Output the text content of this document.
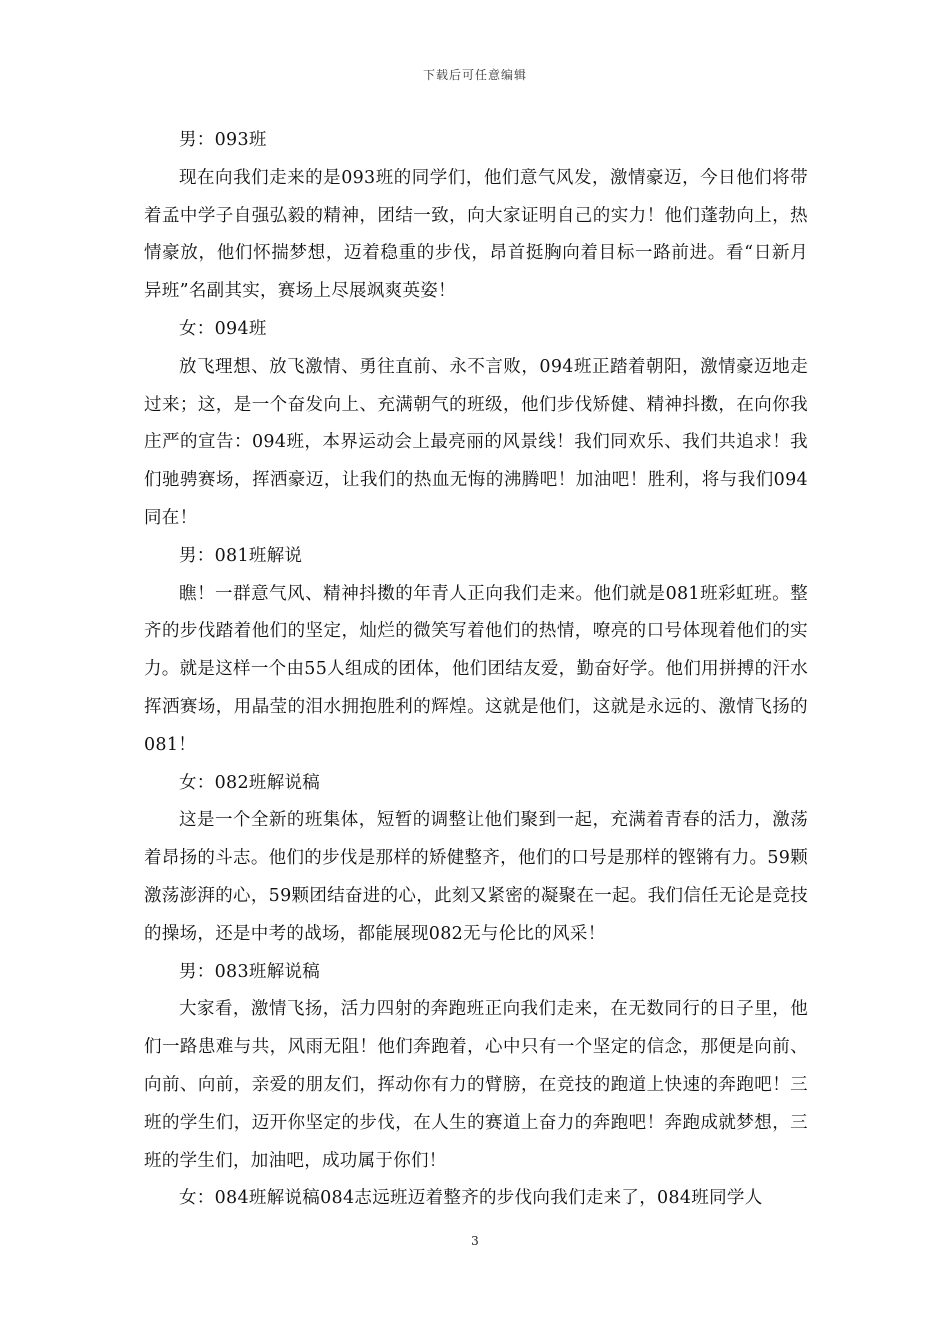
下载后可任意编辑

男：093班

现在向我们走来的是093班的同学们，他们意气风发，激情豪迈，今日他们将带着孟中学子自强弘毅的精神，团结一致，向大家证明自己的实力！他们蓬勃向上，热情豪放，他们怀揣梦想，迈着稳重的步伐，昂首挺胸向着目标一路前进。看“日新月异班”名副其实，赛场上尽展飒爽英姿！

女：094班

放飞理想、放飞激情、勇往直前、永不言败，094班正踏着朝阳，激情豪迈地走过来；这，是一个奋发向上、充满朝气的班级，他们步伐矫健、精神抖擞，在向你我庄严的宣告：094班，本界运动会上最亮丽的风景线！我们同欢乐、我们共追求！我们驰骋赛场，挥洒豪迈，让我们的热血无悔的沸腾吧！加油吧！胜利，将与我们094同在！

男：081班解说

瞧！一群意气风、精神抖擞的年青人正向我们走来。他们就是081班彩虹班。整齐的步伐踏着他们的坚定，灿烂的微笑写着他们的热情，嘹亮的口号体现着他们的实力。就是这样一个由55人组成的团体，他们团结友爱，勤奋好学。他们用拼搏的汗水挥洒赛场，用晶莹的泪水拥抱胜利的辉煌。这就是他们，这就是永远的、激情飞扬的081！

女：082班解说稿

这是一个全新的班集体，短暂的调整让他们聚到一起，充满着青春的活力，激荡着昂扬的斗志。他们的步伐是那样的矫健整齐，他们的口号是那样的铿锵有力。59颗激荡澎湃的心，59颗团结奋进的心，此刻又紧密的凝聚在一起。我们信任无论是竞技的操场，还是中考的战场，都能展现082无与伦比的风采！

男：083班解说稿

大家看，激情飞扬，活力四射的奔跑班正向我们走来，在无数同行的日子里，他们一路患难与共，风雨无阻！他们奔跑着，心中只有一个坚定的信念，那便是向前、向前、向前，亲爱的朋友们，挥动你有力的臂膀，在竞技的跑道上快速的奔跑吧！三班的学生们，迈开你坚定的步伐，在人生的赛道上奋力的奔跑吧！奔跑成就梦想，三班的学生们，加油吧，成功属于你们！

女：084班解说稿084志远班迈着整齐的步伐向我们走来了，084班同学人

3
